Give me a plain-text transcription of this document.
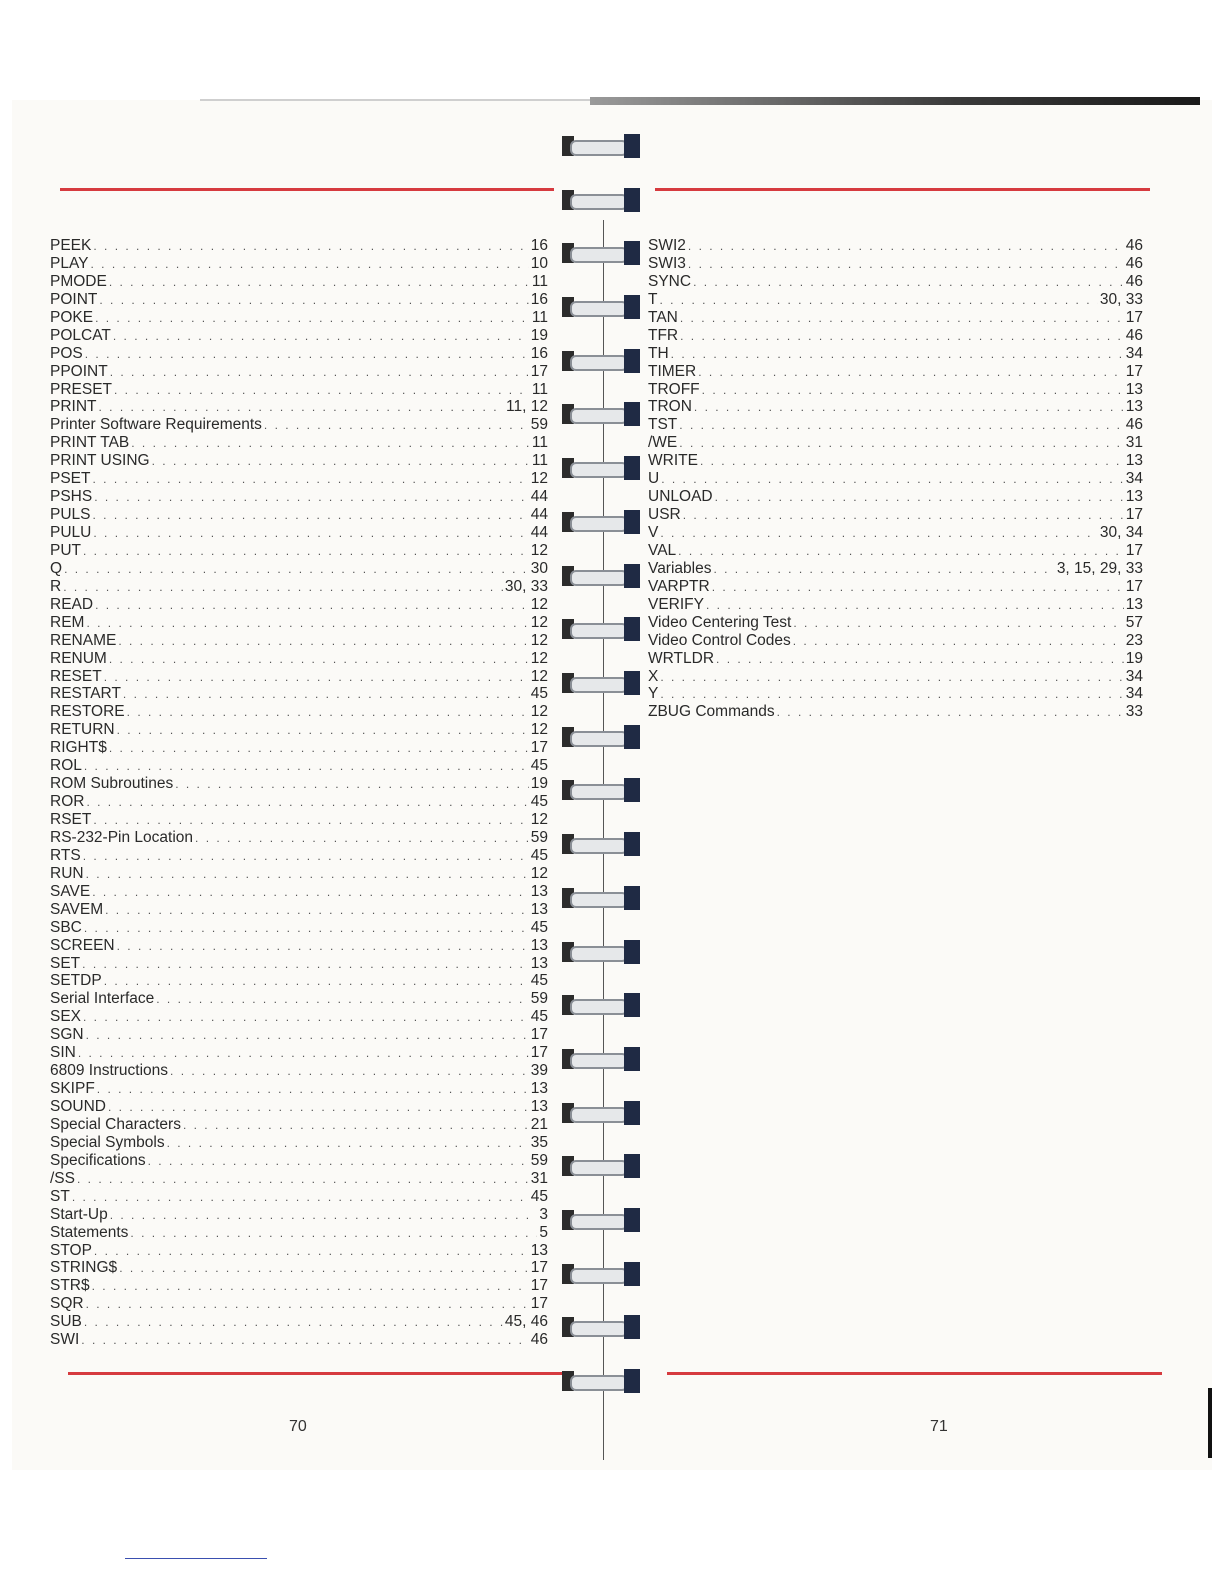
PEEK . . .	16
PLAY . . .	10
PMODE . . .	11
POINT . . .	16
POKE . . .	11
POLCAT . . .	19
POS . . .	16
PPOINT . . .	17
PRESET . . .	11
PRINT . . .	11, 12
Printer Software Requirements . . .	59
PRINT TAB . . .	11
PRINT USING . . .	11
PSET . . .	12
PSHS . . .	44
PULS . . .	44
PULU . . .	44
PUT . . .	12
Q . . .	30
R . . .	30, 33
READ . . .	12
REM . . .	12
RENAME . . .	12
RENUM . . .	12
RESET . . .	12
RESTART . . .	45
RESTORE . . .	12
RETURN . . .	12
RIGHT$ . . .	17
ROL . . .	45
ROM Subroutines . . .	19
ROR . . .	45
RSET . . .	12
RS-232-Pin Location . . .	59
RTS . . .	45
RUN . . .	12
SAVE . . .	13
SAVEM . . .	13
SBC . . .	45
SCREEN . . .	13
SET . . .	13
SETDP . . .	45
Serial Interface . . .	59
SEX . . .	45
SGN . . .	17
SIN . . .	17
6809 Instructions . . .	39
SKIPF . . .	13
SOUND . . .	13
Special Characters . . .	21
Special Symbols . . .	35
Specifications . . .	59
/SS . . .	31
ST . . .	45
Start-Up . . .	3
Statements . . .	5
STOP . . .	13
STRING$ . . .	17
STR$ . . .	17
SQR . . .	17
SUB . . .	45, 46
SWI . . .	46
SWI2 . . .	46
SWI3 . . .	46
SYNC . . .	46
T . . .	30, 33
TAN . . .	17
TFR . . .	46
TH . . .	34
TIMER . . .	17
TROFF . . .	13
TRON . . .	13
TST . . .	46
/WE . . .	31
WRITE . . .	13
U . . .	34
UNLOAD . . .	13
USR . . .	17
V . . .	30, 34
VAL . . .	17
Variables . . .	3, 15, 29, 33
VARPTR . . .	17
VERIFY . . .	13
Video Centering Test . . .	57
Video Control Codes . . .	23
WRTLDR . . .	19
X . . .	34
Y . . .	34
ZBUG Commands . . .	33
70	71
